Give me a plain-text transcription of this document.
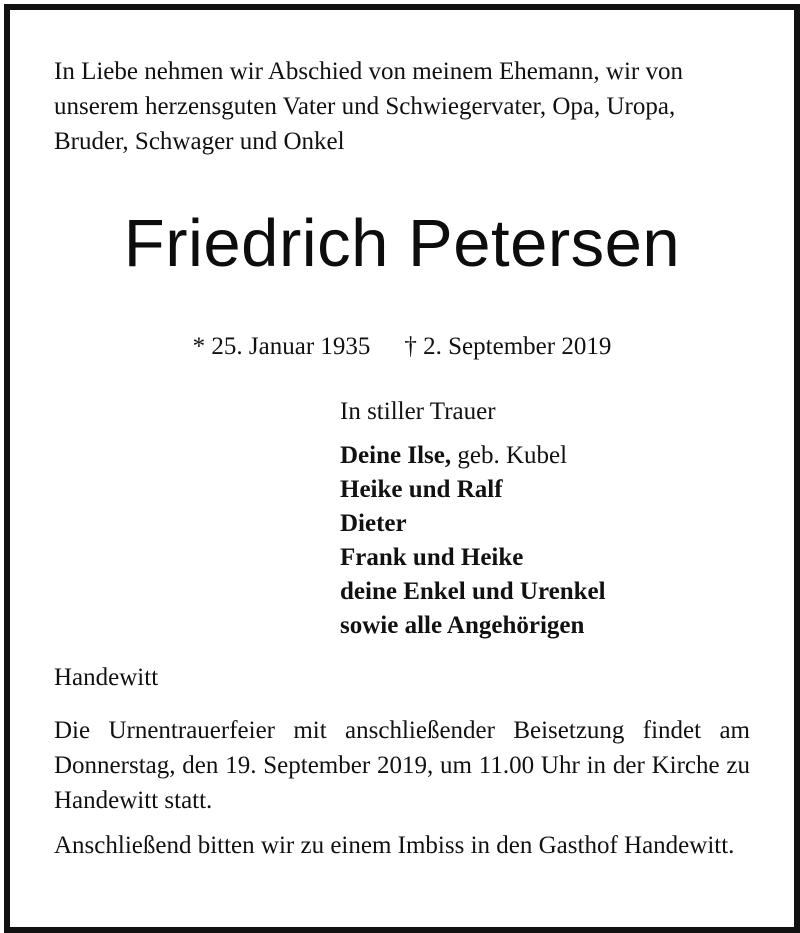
In Liebe nehmen wir Abschied von meinem Ehemann, wir von unserem herzensguten Vater und Schwiegervater, Opa, Uropa, Bruder, Schwager und Onkel

Friedrich Petersen
* 25. Januar 1935 † 2. September 2019
In stiller Trauer
Deine Ilse, geb. Kubel
Heike und Ralf
Dieter
Frank und Heike
deine Enkel und Urenkel
sowie alle Angehörigen
Handewitt

Die Urnentrauerfeier mit anschließender Beisetzung findet am Donnerstag, den 19. September 2019, um 11.00 Uhr in der Kirche zu Handewitt statt.

Anschließend bitten wir zu einem Imbiss in den Gasthof Handewitt.
